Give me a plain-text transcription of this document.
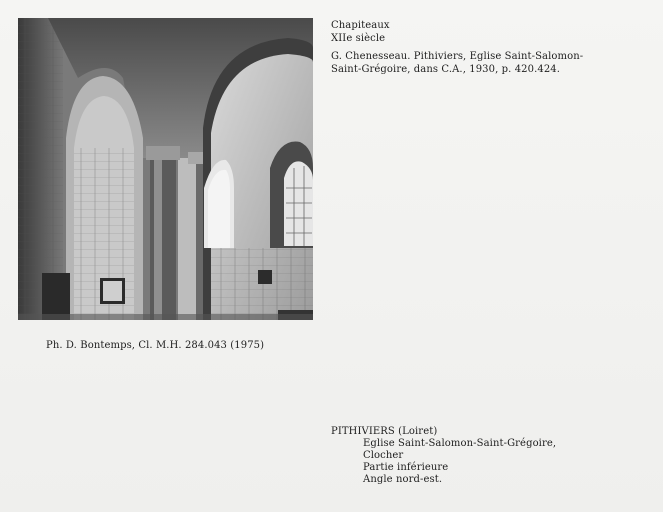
Chapiteaux
XIIe siècle
G. Chenesseau. Pithiviers, Eglise Saint-Salomon-
Saint-Grégoire, dans C.A., 1930, p. 420.424.
Ph. D. Bontemps, Cl. M.H. 284.043 (1975)
PITHIVIERS (Loiret)
Eglise Saint-Salomon-Saint-Grégoire,
Clocher
Partie inférieure
Angle nord-est.
